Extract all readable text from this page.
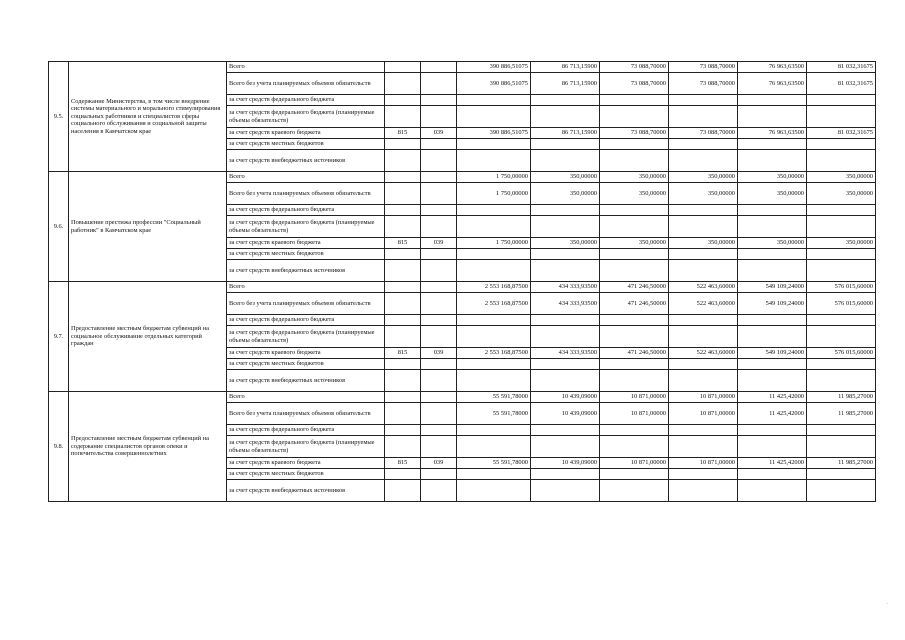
9.5.	Содержание Министерства, в том числе внедрение системы материального и морального стимулирования социальных работников и специалистов сферы социального обслуживания и социальной защиты населения в Камчатском крае	Всего			390 886,51075	86 713,15900	73 088,70000	73 088,70000	76 963,63500	81 032,31675
		Всего без учета планируемых объемов обязательств			390 886,51075	86 713,15900	73 088,70000	73 088,70000	76 963,63500	81 032,31675
		за счет средств федерального бюджета								
		за счет средств федерального бюджета (планируемые объемы обязательств)								
		за счет средств краевого бюджета	815	039	390 886,51075	86 713,15900	73 088,70000	73 088,70000	76 963,63500	81 032,31675
		за счет средств местных бюджетов								
		за счет средств внебюджетных источников								
9.6.	Повышение престижа профессии "Социальный работник" в Камчатском крае	Всего			1 750,00000	350,00000	350,00000	350,00000	350,00000	350,00000
		Всего без учета планируемых объемов обязательств			1 750,00000	350,00000	350,00000	350,00000	350,00000	350,00000
		за счет средств федерального бюджета								
		за счет средств федерального бюджета (планируемые объемы обязательств)								
		за счет средств краевого бюджета	815	039	1 750,00000	350,00000	350,00000	350,00000	350,00000	350,00000
		за счет средств местных бюджетов								
		за счет средств внебюджетных источников								
9.7.	Предоставление местным бюджетам субвенций на социальное обслуживание отдельных категорий граждан	Всего			2 553 168,87500	434 333,93500	471 246,50000	522 463,60000	549 109,24000	576 015,60000
		Всего без учета планируемых объемов обязательств			2 553 168,87500	434 333,93500	471 246,50000	522 463,60000	549 109,24000	576 015,60000
		за счет средств федерального бюджета								
		за счет средств федерального бюджета (планируемые объемы обязательств)								
		за счет средств краевого бюджета	815	039	2 553 168,87500	434 333,93500	471 246,50000	522 463,60000	549 109,24000	576 015,60000
		за счет средств местных бюджетов								
		за счет средств внебюджетных источников								
9.8.	Предоставление местным бюджетам субвенций на содержание специалистов органов опеки и попечительства совершеннолетних	Всего			55 591,78000	10 439,09000	10 871,00000	10 871,00000	11 425,42000	11 985,27000
		Всего без учета планируемых объемов обязательств			55 591,78000	10 439,09000	10 871,00000	10 871,00000	11 425,42000	11 985,27000
		за счет средств федерального бюджета								
		за счет средств федерального бюджета (планируемые объемы обязательств)								
		за счет средств краевого бюджета	815	039	55 591,78000	10 439,09000	10 871,00000	10 871,00000	11 425,42000	11 985,27000
		за счет средств местных бюджетов								
		за счет средств внебюджетных источников								
.
